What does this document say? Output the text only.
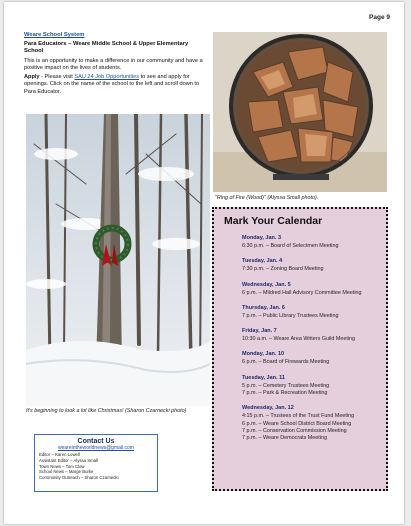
Page 9
Weare School System
Para Educators – Weare Middle School & Upper Elementary School

This is an opportunity to make a difference in our community and have a positive impact on the lives of students.

Apply - Please visit SAU 24 Job Opportunities to see and apply for openings. Click on the name of the school to the left and scroll down to Para Educator.

It's beginning to look a lot like Christmas! (Sharon Czarnecki photo)
"Ring of Fire (Wood)" (Alyssa Small photo).
Mark Your Calendar
Monday, Jan. 3
6:30 p.m. – Board of Selectmen Meeting
Tuesday, Jan. 4
7:30 p.m. – Zoning Board Meeting
Wednesday, Jan. 5
6 p.m. – Mildred Hall Advisory Committee Meeting
Thursday, Jan. 6
7 p.m. – Public Library Trustees Meeting
Friday, Jan. 7
10:30 a.m. – Weare Area Writers Guild Meeting
Monday, Jan. 10
6 p.m. – Board of Firewards Meeting
Tuesday, Jan. 11
5 p.m. – Cemetery Trustees Meeting
7 p.m. – Park & Recreation Meeting
Wednesday, Jan. 12
4:15 p.m. – Trustees of the Trust Fund Meeting
6 p.m. – Weare School District Board Meeting
7 p.m. – Conservation Commission Meeting
7 p.m. – Weare Democrats Meeting
Contact Us
weareintheworldnews@gmail.com
Editor – Karen Lowell
Assistant Editor – Alyssa Small
Town News – Tom Clow
School News – Marge Burke
Community Outreach – Sharon Czarnecki
